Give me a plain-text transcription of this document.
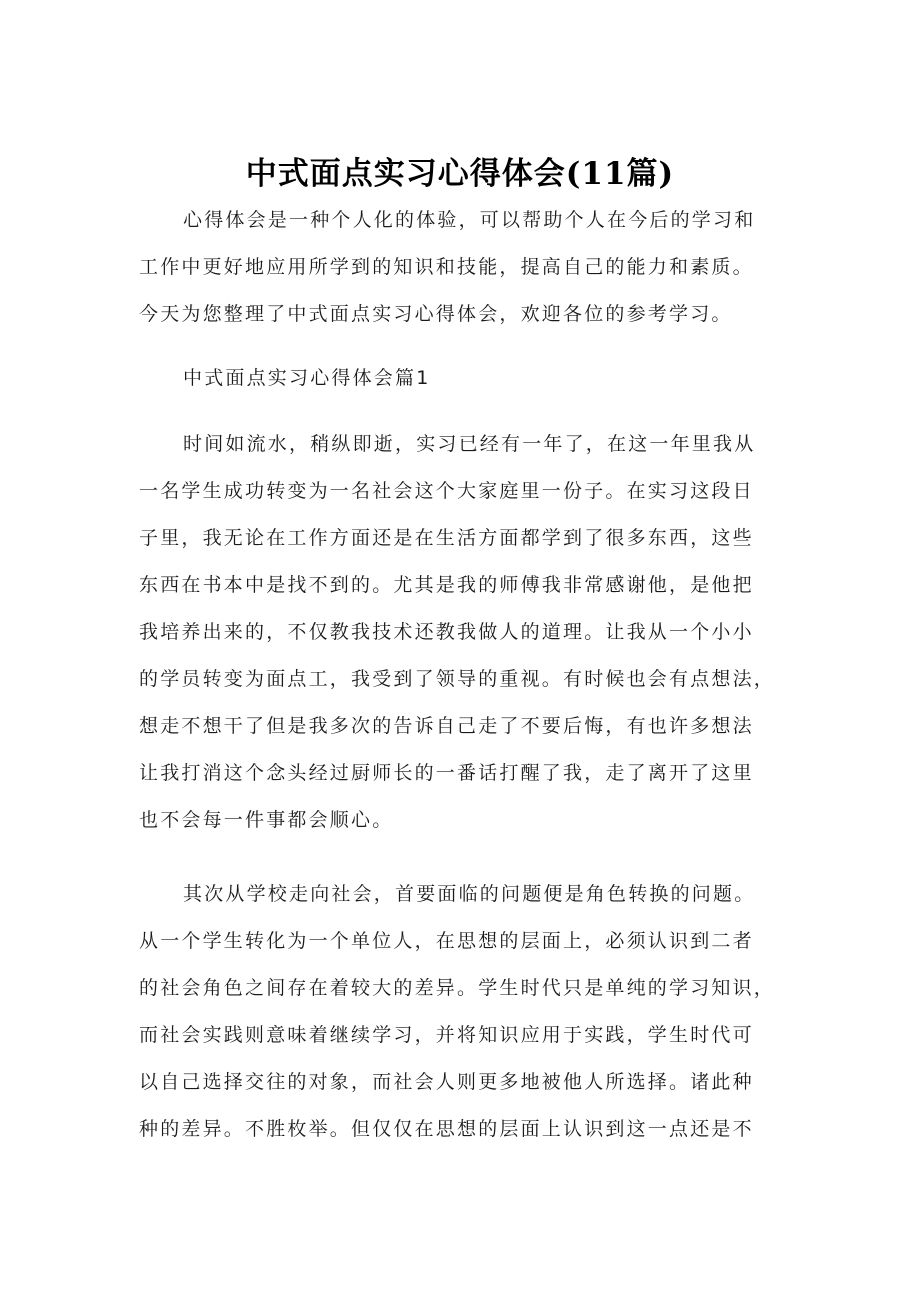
中式面点实习心得体会(11篇)
心得体会是一种个人化的体验，可以帮助个人在今后的学习和
工作中更好地应用所学到的知识和技能，提高自己的能力和素质。
今天为您整理了中式面点实习心得体会，欢迎各位的参考学习。
中式面点实习心得体会篇1
时间如流水，稍纵即逝，实习已经有一年了，在这一年里我从
一名学生成功转变为一名社会这个大家庭里一份子。在实习这段日
子里，我无论在工作方面还是在生活方面都学到了很多东西，这些
东西在书本中是找不到的。尤其是我的师傅我非常感谢他，是他把
我培养出来的，不仅教我技术还教我做人的道理。让我从一个小小
的学员转变为面点工，我受到了领导的重视。有时候也会有点想法，
想走不想干了但是我多次的告诉自己走了不要后悔，有也许多想法
让我打消这个念头经过厨师长的一番话打醒了我，走了离开了这里
也不会每一件事都会顺心。
其次从学校走向社会，首要面临的问题便是角色转换的问题。
从一个学生转化为一个单位人，在思想的层面上，必须认识到二者
的社会角色之间存在着较大的差异。学生时代只是单纯的学习知识，
而社会实践则意味着继续学习，并将知识应用于实践，学生时代可
以自己选择交往的对象，而社会人则更多地被他人所选择。诸此种
种的差异。不胜枚举。但仅仅在思想的层面上认识到这一点还是不
